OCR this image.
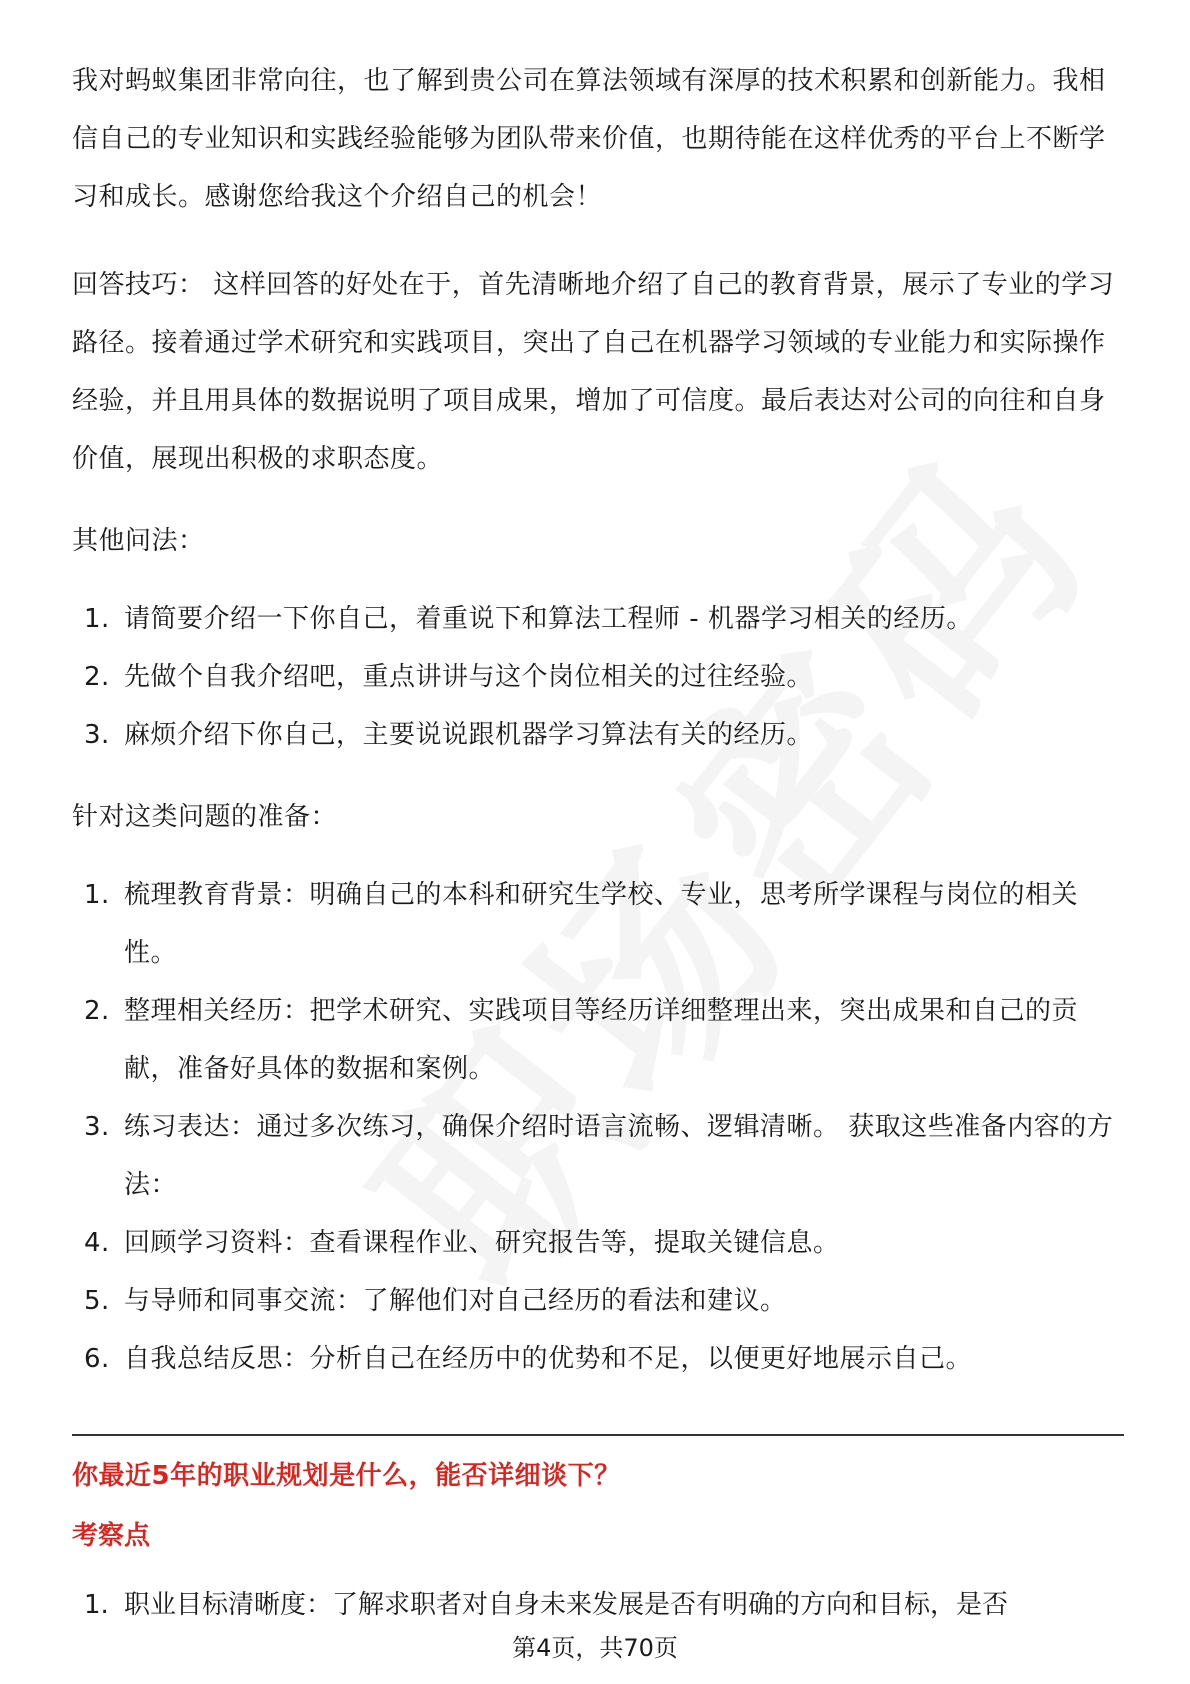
我对蚂蚁集团非常向往，也了解到贵公司在算法领域有深厚的技术积累和创新能力。我相信自己的专业知识和实践经验能够为团队带来价值，也期待能在这样优秀的平台上不断学习和成长。感谢您给我这个介绍自己的机会！

回答技巧： 这样回答的好处在于，首先清晰地介绍了自己的教育背景，展示了专业的学习路径。接着通过学术研究和实践项目，突出了自己在机器学习领域的专业能力和实际操作经验，并且用具体的数据说明了项目成果，增加了可信度。最后表达对公司的向往和自身价值，展现出积极的求职态度。

其他问法：

1. 请简要介绍一下你自己，着重说下和算法工程师 - 机器学习相关的经历。
2. 先做个自我介绍吧，重点讲讲与这个岗位相关的过往经验。
3. 麻烦介绍下你自己，主要说说跟机器学习算法有关的经历。

针对这类问题的准备：

1. 梳理教育背景：明确自己的本科和研究生学校、专业，思考所学课程与岗位的相关性。
2. 整理相关经历：把学术研究、实践项目等经历详细整理出来，突出成果和自己的贡献，准备好具体的数据和案例。
3. 练习表达：通过多次练习，确保介绍时语言流畅、逻辑清晰。 获取这些准备内容的方法：
4. 回顾学习资料：查看课程作业、研究报告等，提取关键信息。
5. 与导师和同事交流：了解他们对自己经历的看法和建议。
6. 自我总结反思：分析自己在经历中的优势和不足，以便更好地展示自己。
你最近5年的职业规划是什么，能否详细谈下？
考察点
1. 职业目标清晰度：了解求职者对自身未来发展是否有明确的方向和目标，是否
第4页，共70页
